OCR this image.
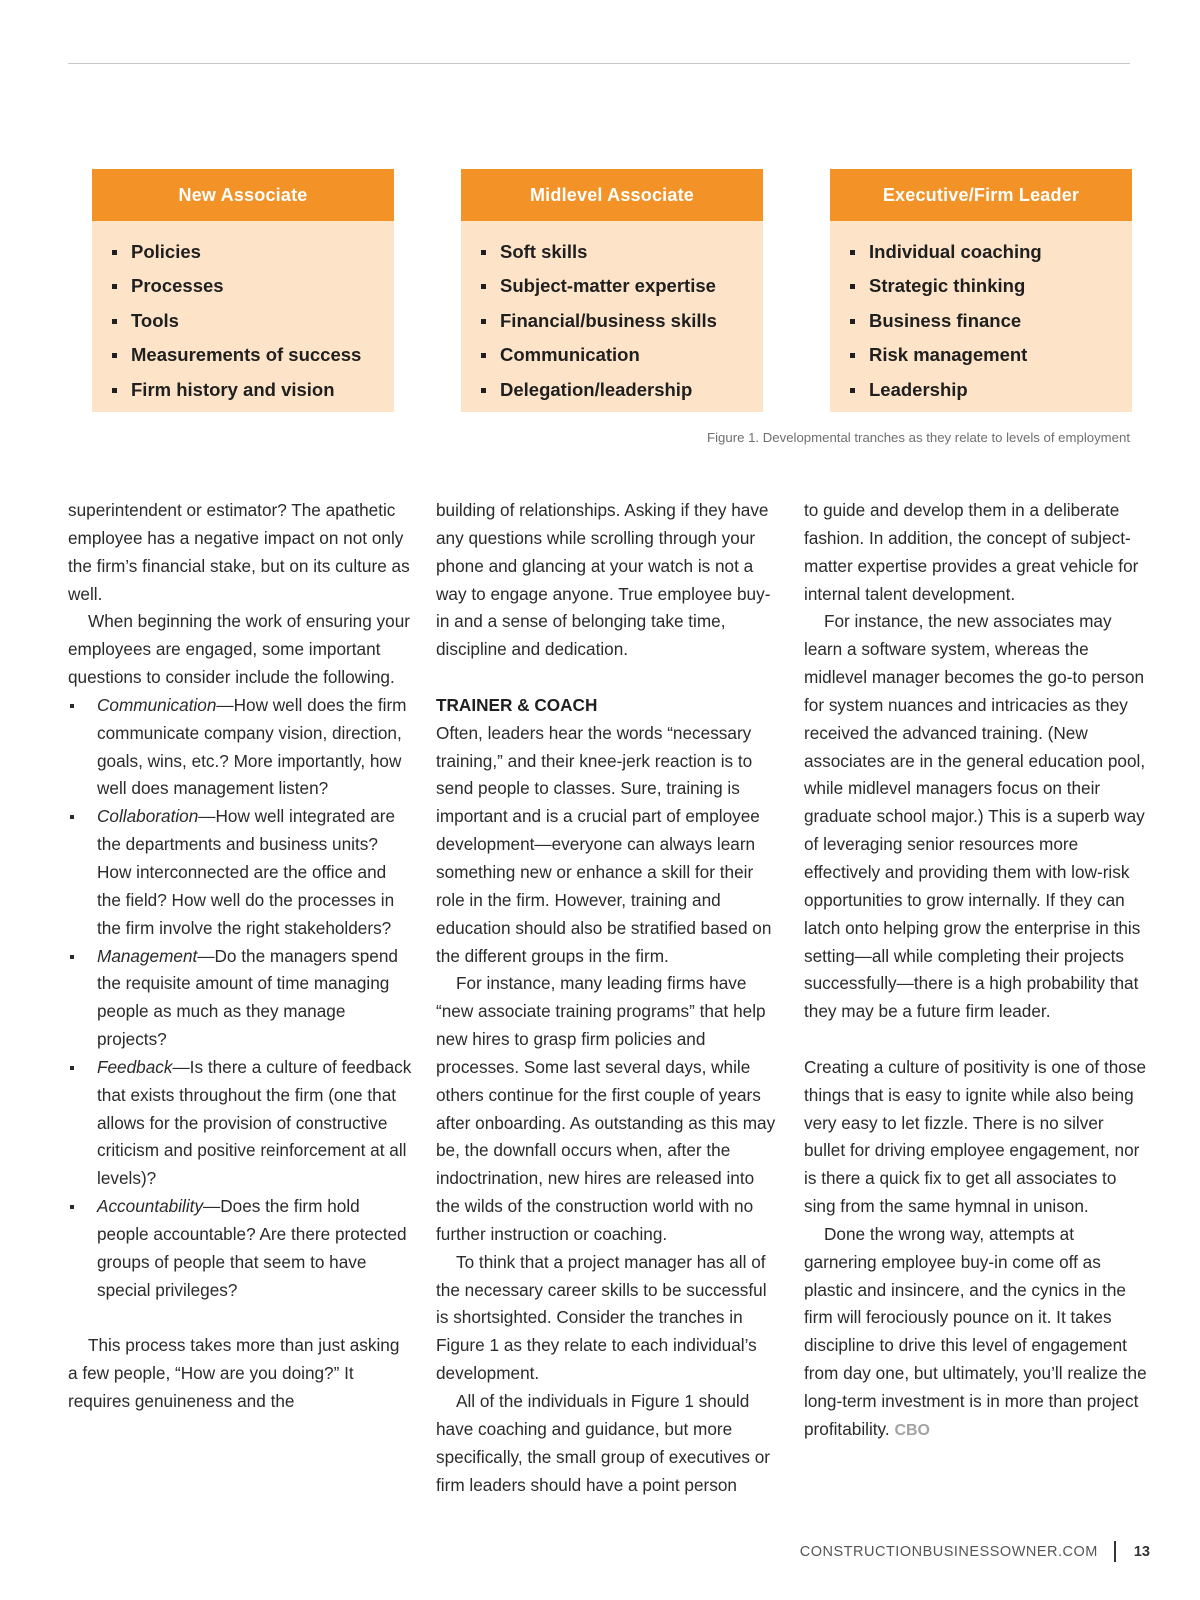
New Associate
Policies
Processes
Tools
Measurements of success
Firm history and vision
Midlevel Associate
Soft skills
Subject-matter expertise
Financial/business skills
Communication
Delegation/leadership
Executive/Firm Leader
Individual coaching
Strategic thinking
Business finance
Risk management
Leadership
Figure 1. Developmental tranches as they relate to levels of employment

superintendent or estimator? The apathetic employee has a negative impact on not only the firm’s financial stake, but on its culture as well.

When beginning the work of ensuring your employees are engaged, some important questions to consider include the following.

Communication—How well does the firm communicate company vision, direction, goals, wins, etc.? More importantly, how well does management listen?
Collaboration—How well integrated are the departments and business units? How interconnected are the office and the field? How well do the processes in the firm involve the right stakeholders?
Management—Do the managers spend the requisite amount of time managing people as much as they manage projects?
Feedback—Is there a culture of feedback that exists throughout the firm (one that allows for the provision of constructive criticism and positive reinforcement at all levels)?
Accountability—Does the firm hold people accountable? Are there protected groups of people that seem to have special privileges?

This process takes more than just asking a few people, “How are you doing?” It requires genuineness and the

building of relationships. Asking if they have any questions while scrolling through your phone and glancing at your watch is not a way to engage anyone. True employee buy-in and a sense of belonging take time, discipline and dedication.

TRAINER & COACH

Often, leaders hear the words “necessary training,” and their knee-jerk reaction is to send people to classes. Sure, training is important and is a crucial part of employee development—everyone can always learn something new or enhance a skill for their role in the firm. However, training and education should also be stratified based on the different groups in the firm.

For instance, many leading firms have “new associate training programs” that help new hires to grasp firm policies and processes. Some last several days, while others continue for the first couple of years after onboarding. As outstanding as this may be, the downfall occurs when, after the indoctrination, new hires are released into the wilds of the construction world with no further instruction or coaching.

To think that a project manager has all of the necessary career skills to be successful is shortsighted. Consider the tranches in Figure 1 as they relate to each individual’s development.

All of the individuals in Figure 1 should have coaching and guidance, but more specifically, the small group of executives or firm leaders should have a point person

to guide and develop them in a deliberate fashion. In addition, the concept of subject-matter expertise provides a great vehicle for internal talent development.

For instance, the new associates may learn a software system, whereas the midlevel manager becomes the go-to person for system nuances and intricacies as they received the advanced training. (New associates are in the general education pool, while midlevel managers focus on their graduate school major.) This is a superb way of leveraging senior resources more effectively and providing them with low-risk opportunities to grow internally. If they can latch onto helping grow the enterprise in this setting—all while completing their projects successfully—there is a high probability that they may be a future firm leader.

Creating a culture of positivity is one of those things that is easy to ignite while also being very easy to let fizzle. There is no silver bullet for driving employee engagement, nor is there a quick fix to get all associates to sing from the same hymnal in unison.

Done the wrong way, attempts at garnering employee buy-in come off as plastic and insincere, and the cynics in the firm will ferociously pounce on it. It takes discipline to drive this level of engagement from day one, but ultimately, you’ll realize the long-term investment is in more than project profitability. CBO

CONSTRUCTIONBUSINESSOWNER.COM 13
